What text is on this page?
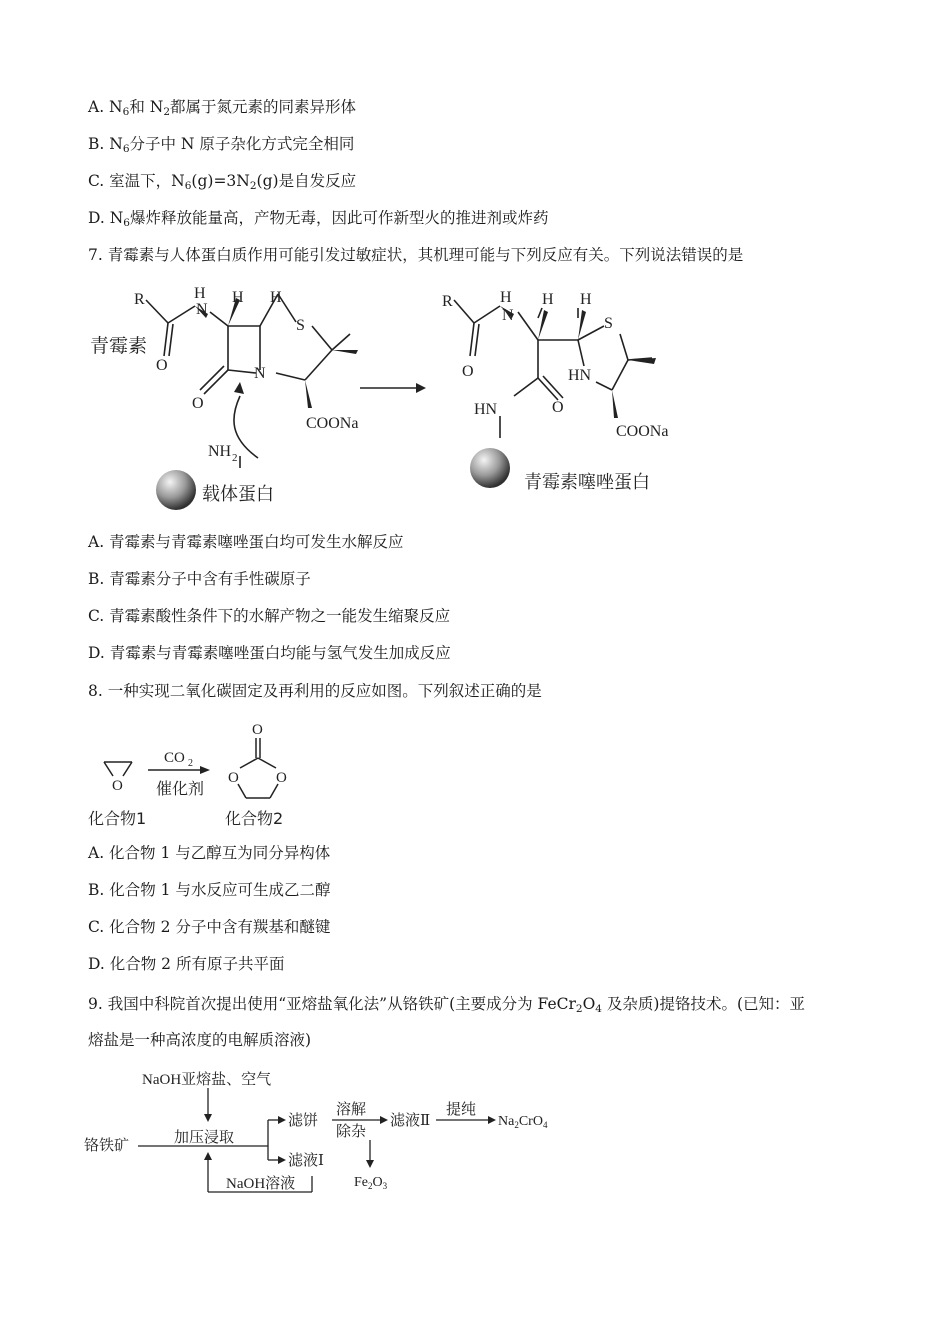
A. $N_6$和 $N_2$都属于氮元素的同素异形体
B. $N_6$分子中 N 原子杂化方式完全相同
C. 室温下，$N_6(g)=3N_2(g)$是自发反应
D. $N_6$爆炸释放能量高，产物无毒，因此可作新型火的推进剂或炸药
7. 青霉素与人体蛋白质作用可能引发过敏症状，其机理可能与下列反应有关。下列说法错误的是
R	H
N
H H
S
N
O
O
COONa
NH 2
青霉素
载体蛋白
R	H
N
H H
S
HN
O
O
HN
COONa
青霉素噻唑蛋白
A. 青霉素与青霉素噻唑蛋白均可发生水解反应
B. 青霉素分子中含有手性碳原子
C. 青霉素酸性条件下的水解产物之一能发生缩聚反应
D. 青霉素与青霉素噻唑蛋白均能与氢气发生加成反应
8. 一种实现二氧化碳固定及再利用的反应如图。下列叙述正确的是
O
O
O O
CO 2
催化剂
化合物1	化合物2
A. 化合物 1 与乙醇互为同分异构体
B. 化合物 1 与水反应可生成乙二醇
C. 化合物 2 分子中含有羰基和醚键
D. 化合物 2 所有原子共平面
9. 我国中科院首次提出使用“亚熔盐氧化法”从铬铁矿(主要成分为 $FeCr_2O_4$ 及杂质)提铬技术。(已知：亚
熔盐是一种高浓度的电解质溶液)
NaOH亚熔盐、空气
铬铁矿	加压浸取
滤饼
滤液Ⅰ
NaOH溶液
溶解
除杂
滤液Ⅱ
提纯
$Na_2CrO_4$
$Fe_2O_3$
